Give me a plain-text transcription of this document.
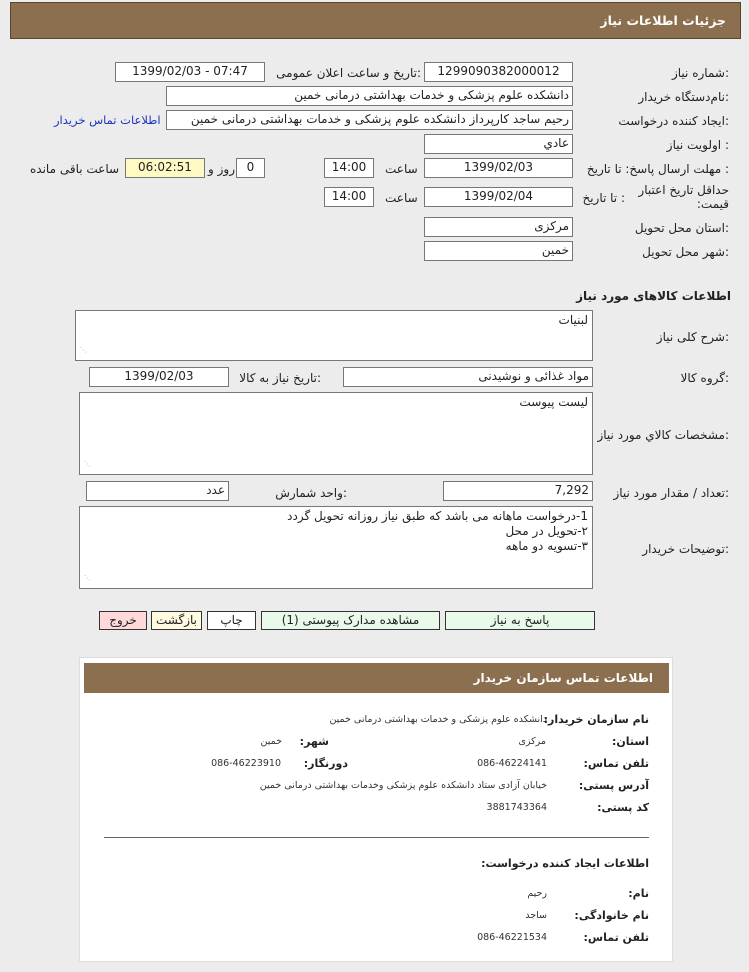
جزئیات اطلاعات نیاز
شماره نیاز:
1299090382000012
تاریخ و ساعت اعلان عمومی:
1399/02/03 - 07:47
نام‌دستگاه خریدار:
دانشکده علوم پزشکی و خدمات بهداشتی درمانی خمین
ایجاد کننده درخواست:
رحیم ساجد کارپرداز دانشکده علوم پزشکی و خدمات بهداشتی درمانی خمین
اطلاعات تماس خریدار
اولویت نیاز :
عادي
مهلت ارسال پاسخ: تا تاریخ :
1399/02/03
ساعت
14:00
0
روز و
06:02:51
ساعت باقی مانده
حداقل تاریخ اعتبار قیمت:
تا تاریخ :
1399/02/04
ساعت
14:00
استان محل تحویل:
مرکزی
شهر محل تحویل:
خمین
اطلاعات کالاهای مورد نیاز
شرح کلی نیاز:
لبنیات
⋰
گروه کالا:
مواد غذائی و نوشیدنی
تاریخ نیاز به کالا:
1399/02/03
مشخصات کالاي مورد نیاز:
لیست پیوست
⋰
تعداد / مقدار مورد نیاز:
7,292
واحد شمارش:
عدد
توضیحات خریدار:
1-درخواست ماهانه می باشد که طبق نیاز روزانه تحویل گردد
۲-تحویل در محل
۳-تسویه دو ماهه
⋰
پاسخ به نیاز
مشاهده مدارک پیوستی (1)
چاپ
بازگشت
خروج
اطلاعات تماس سازمان خریدار
نام سازمان خریدار:
دانشکده علوم پزشکی و خدمات بهداشتی درمانی خمین
استان:
مرکزی
شهر:
خمین
تلفن تماس:
086-46224141
دورنگار:
086-46223910
آدرس پستی:
خیابان آزادی ستاد دانشکده علوم پزشکی وخدمات بهداشتی درمانی خمین
کد پستی:
3881743364
اطلاعات ایجاد کننده درخواست:
نام:
رحیم
نام خانوادگی:
ساجد
تلفن تماس:
086-46221534
